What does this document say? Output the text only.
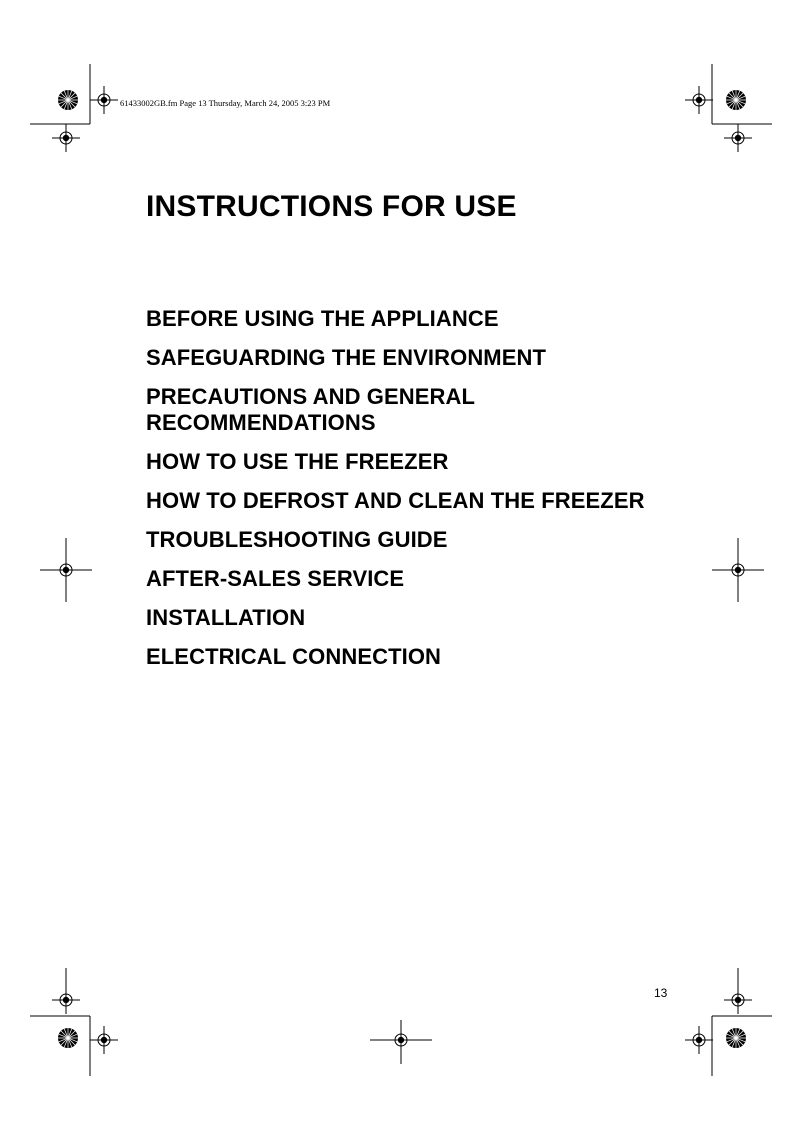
61433002GB.fm Page 13 Thursday, March 24, 2005 3:23 PM
INSTRUCTIONS FOR USE
BEFORE USING THE APPLIANCE
SAFEGUARDING THE ENVIRONMENT
PRECAUTIONS AND GENERAL
RECOMMENDATIONS
HOW TO USE THE FREEZER
HOW TO DEFROST AND CLEAN THE FREEZER
TROUBLESHOOTING GUIDE
AFTER-SALES SERVICE
INSTALLATION
ELECTRICAL CONNECTION
13
